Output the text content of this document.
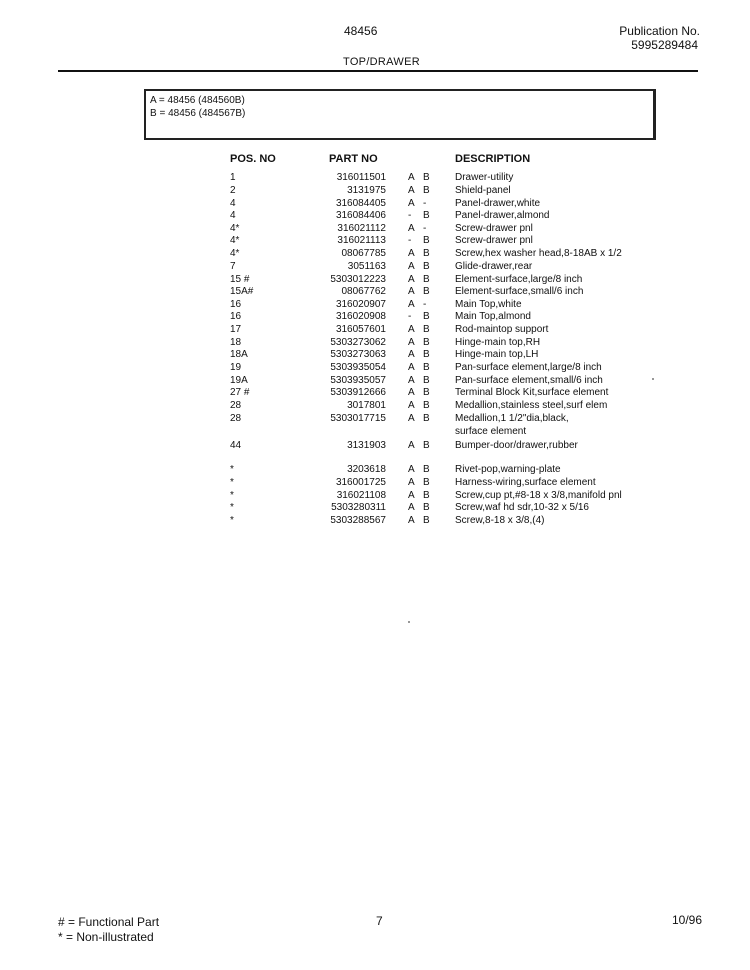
48456	Publication No.
5995289484
TOP/DRAWER
A = 48456 (484560B)
B = 48456 (484567B)
POS. NO	PART NO	DESCRIPTION
1	316011501 A B	Drawer-utility
2	3131975 A B	Shield-panel
4	316084405 A -	Panel-drawer,white
4	316084406 - B	Panel-drawer,almond
4*	316021112 A -	Screw-drawer pnl
4*	316021113 - B	Screw-drawer pnl
4*	08067785 A B	Screw,hex washer head,8-18AB x 1/2
7	3051163 A B	Glide-drawer,rear
15 #	5303012223 A B	Element-surface,large/8 inch
15A#	08067762 A B	Element-surface,small/6 inch
16	316020907 A -	Main Top,white
16	316020908 - B	Main Top,almond
17	316057601 A B	Rod-maintop support
18	5303273062 A B	Hinge-main top,RH
18A	5303273063 A B	Hinge-main top,LH
19	5303935054 A B	Pan-surface element,large/8 inch
19A	5303935057 A B	Pan-surface element,small/6 inch
27 #	5303912666 A B	Terminal Block Kit,surface element
28	3017801 A B	Medallion,stainless steel,surf elem
28	5303017715 A B	Medallion,1 1/2"dia,black,
surface element
44	3131903 A B	Bumper-door/drawer,rubber
*	3203618 A B	Rivet-pop,warning-plate
*	316001725 A B	Harness-wiring,surface element
*	316021108 A B	Screw,cup pt,#8-18 x 3/8,manifold pnl
*	5303280311 A B	Screw,waf hd sdr,10-32 x 5/16
*	5303288567 A B	Screw,8-18 x 3/8,(4)
# = Functional Part
* = Non-illustrated
7	10/96
